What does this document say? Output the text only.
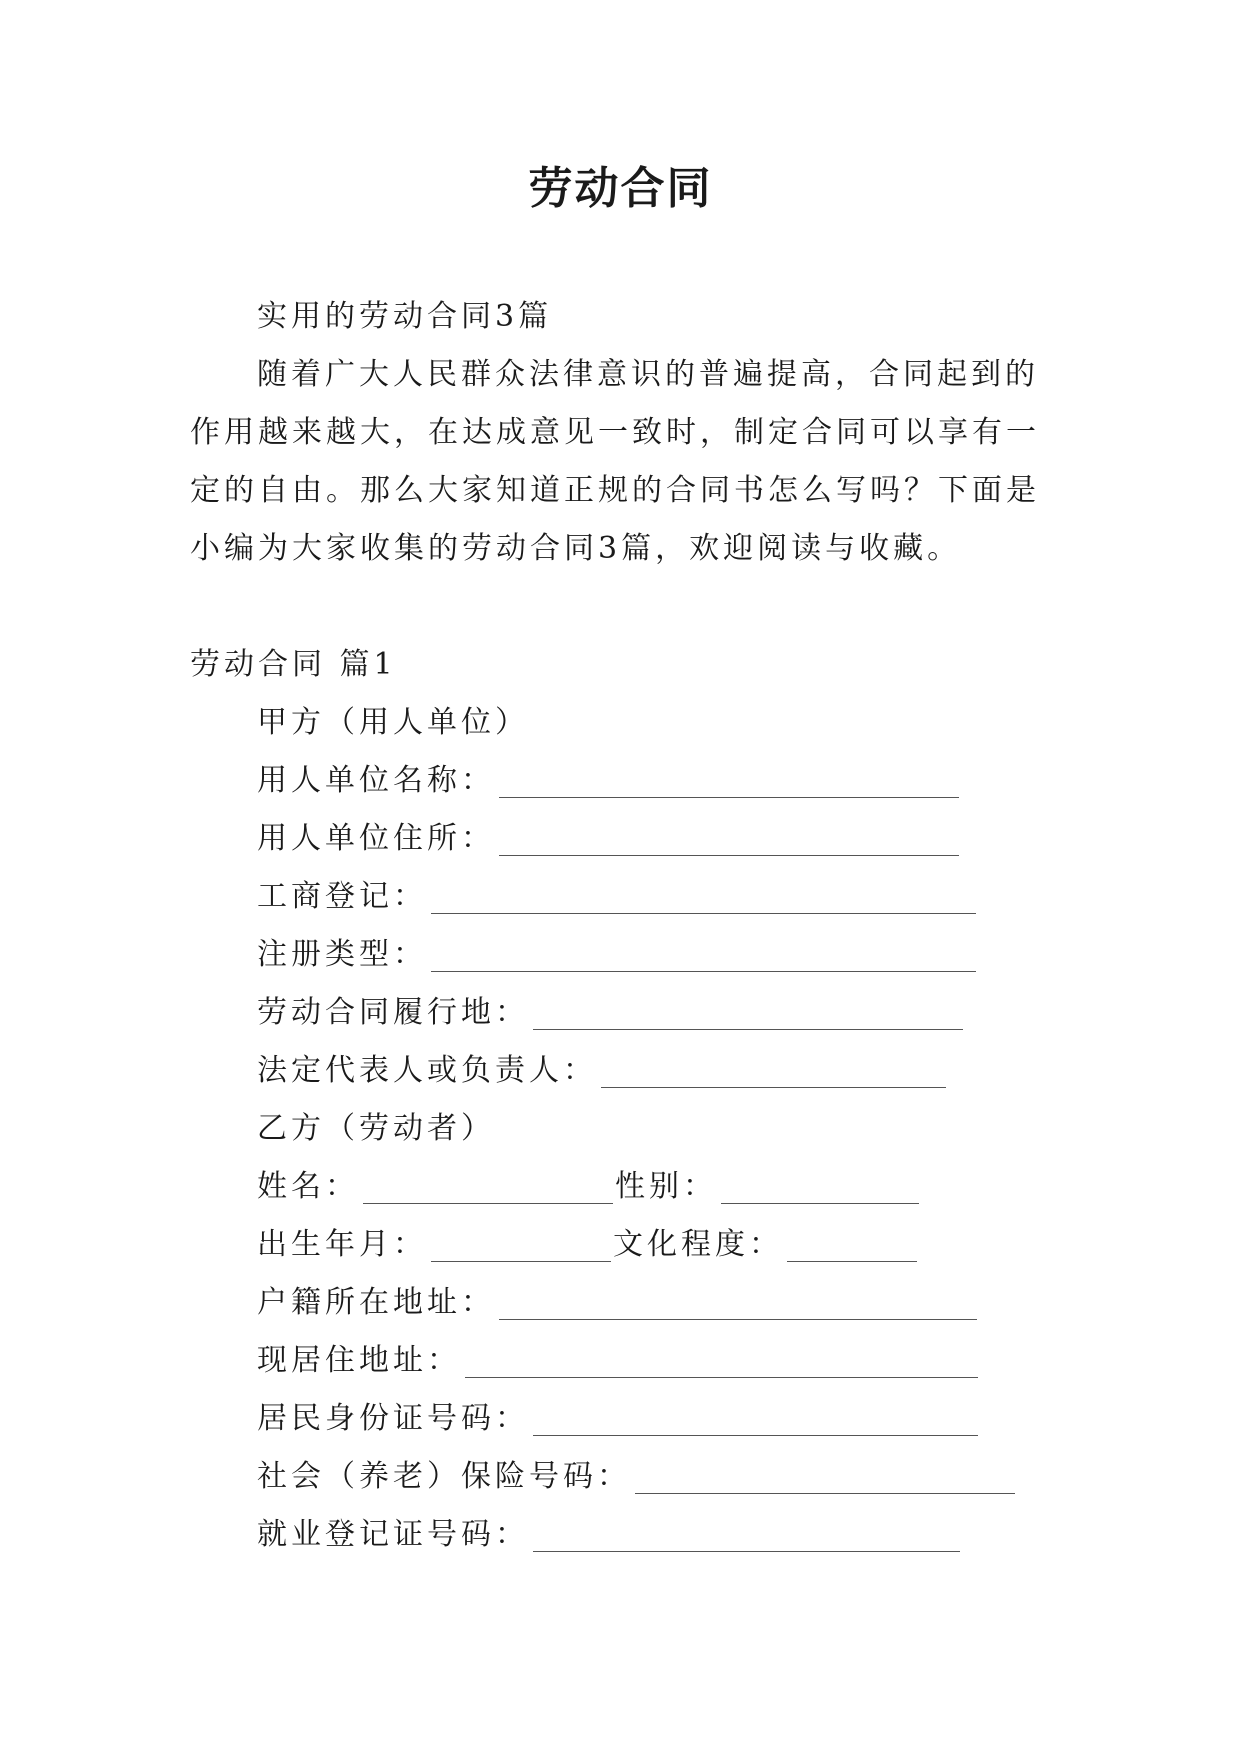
劳动合同

实用的劳动合同3篇

随着广大人民群众法律意识的普遍提高，合同起到的作用越来越大，在达成意见一致时，制定合同可以享有一定的自由。那么大家知道正规的合同书怎么写吗？下面是小编为大家收集的劳动合同3篇，欢迎阅读与收藏。

劳动合同 篇1

甲方（用人单位）
用人单位名称：
用人单位住所：
工商登记：
注册类型：
劳动合同履行地：
法定代表人或负责人：
乙方（劳动者）
姓名：	性别：
出生年月：	文化程度：
户籍所在地址：
现居住地址：
居民身份证号码：
社会（养老）保险号码：
就业登记证号码：
